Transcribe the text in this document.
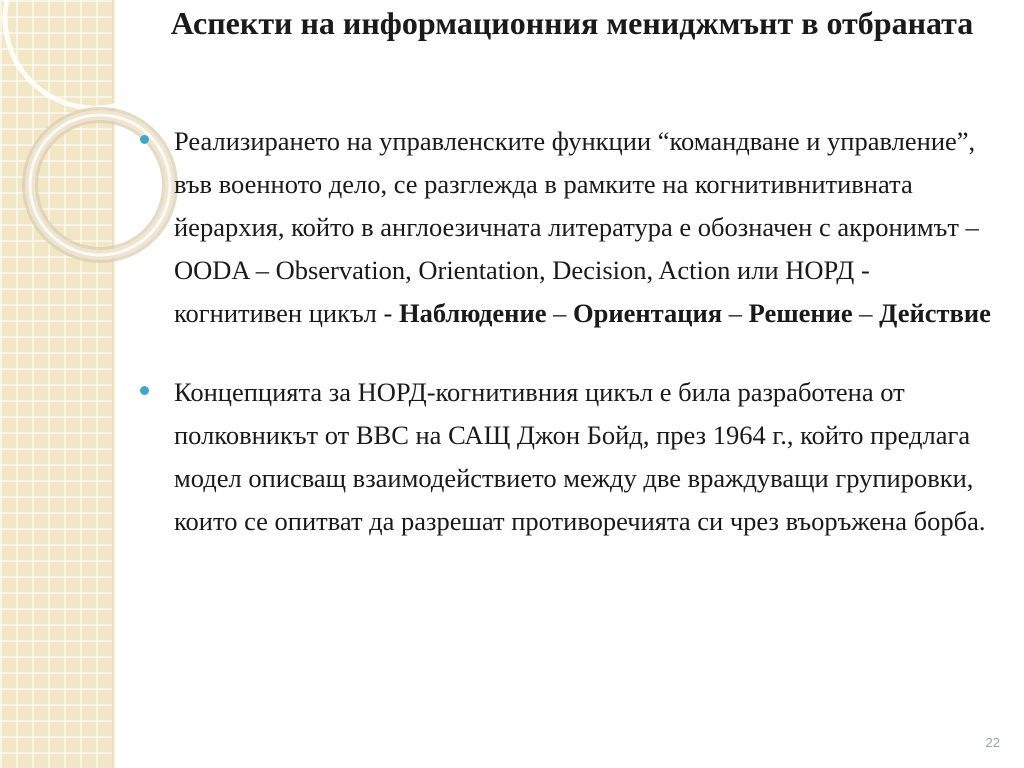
Аспекти на информационния мениджмънт в отбраната
Реализирането на управленските функции “командване и управление”, във военното дело, се разглежда в рамките на когнитивнитивната йерархия, който в англоезичната литература е обозначен с акронимът – OODA – Observation, Orientation, Decision, Action или НОРД - когнитивен цикъл - Наблюдение – Ориентация – Решение – Действие
Концепцията за НОРД-когнитивния цикъл е била разработена от полковникът от ВВС на САЩ Джон Бойд, през 1964 г., който предлага модел описващ взаимодействието между две враждуващи групировки, които се опитват да разрешат противоречията си чрез въоръжена борба.
22
